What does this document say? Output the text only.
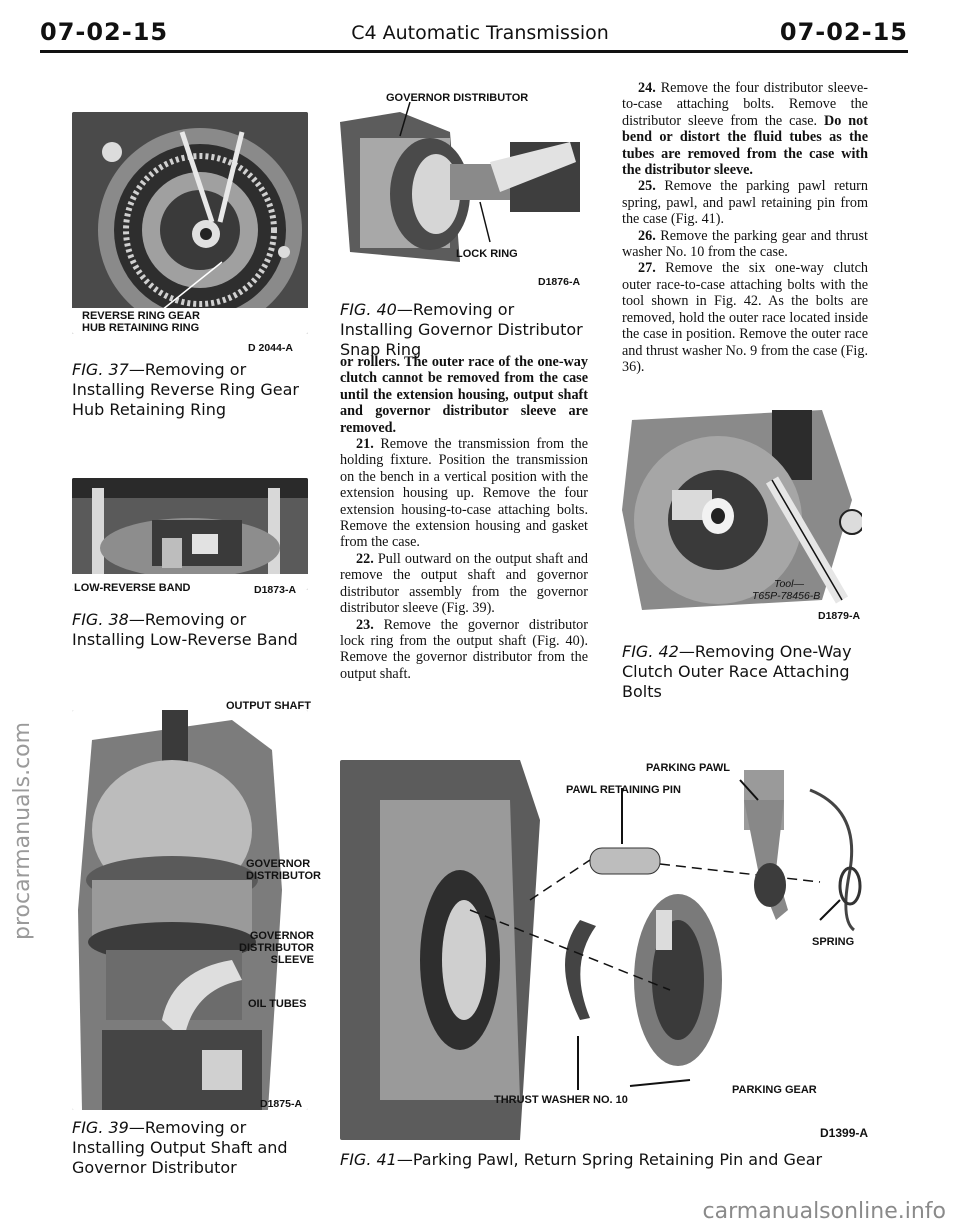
07-02-15	C4 Automatic Transmission	07-02-15
procarmanuals.com
REVERSE RING GEAR
HUB RETAINING RING
D 2044-A
FIG. 37—Removing or Installing Reverse Ring Gear Hub Retaining Ring
LOW-REVERSE BAND	D1873-A
FIG. 38—Removing or Installing Low-Reverse Band
OUTPUT SHAFT
GOVERNOR DISTRIBUTOR
GOVERNOR DISTRIBUTOR SLEEVE
OIL TUBES
D1875-A
FIG. 39—Removing or Installing Output Shaft and Governor Distributor
GOVERNOR DISTRIBUTOR
LOCK RING
D1876-A
FIG. 40—Removing or Installing Governor Distributor Snap Ring

or rollers. The outer race of the one-way clutch cannot be removed from the case until the extension housing, output shaft and governor distributor sleeve are removed.

21. Remove the transmission from the holding fixture. Position the transmission on the bench in a vertical position with the extension housing up. Remove the four extension housing-to-case attaching bolts. Remove the extension housing and gasket from the case.

22. Pull outward on the output shaft and remove the output shaft and governor distributor assembly from the governor distributor sleeve (Fig. 39).

23. Remove the governor distributor lock ring from the output shaft (Fig. 40). Remove the governor distributor from the output shaft.

24. Remove the four distributor sleeve-to-case attaching bolts. Remove the distributor sleeve from the case. Do not bend or distort the fluid tubes as the tubes are removed from the case with the distributor sleeve.

25. Remove the parking pawl return spring, pawl, and pawl retaining pin from the case (Fig. 41).

26. Remove the parking gear and thrust washer No. 10 from the case.

27. Remove the six one-way clutch outer race-to-case attaching bolts with the tool shown in Fig. 42. As the bolts are removed, hold the outer race located inside the case in position. Remove the outer race and thrust washer No. 9 from the case (Fig. 36).

Tool—
T65P-78456-B
D1879-A
FIG. 42—Removing One-Way Clutch Outer Race Attaching Bolts
PARKING PAWL
PAWL RETAINING PIN
SPRING
THRUST WASHER NO. 10
PARKING GEAR
D1399-A
FIG. 41—Parking Pawl, Return Spring Retaining Pin and Gear
carmanualsonline.info
